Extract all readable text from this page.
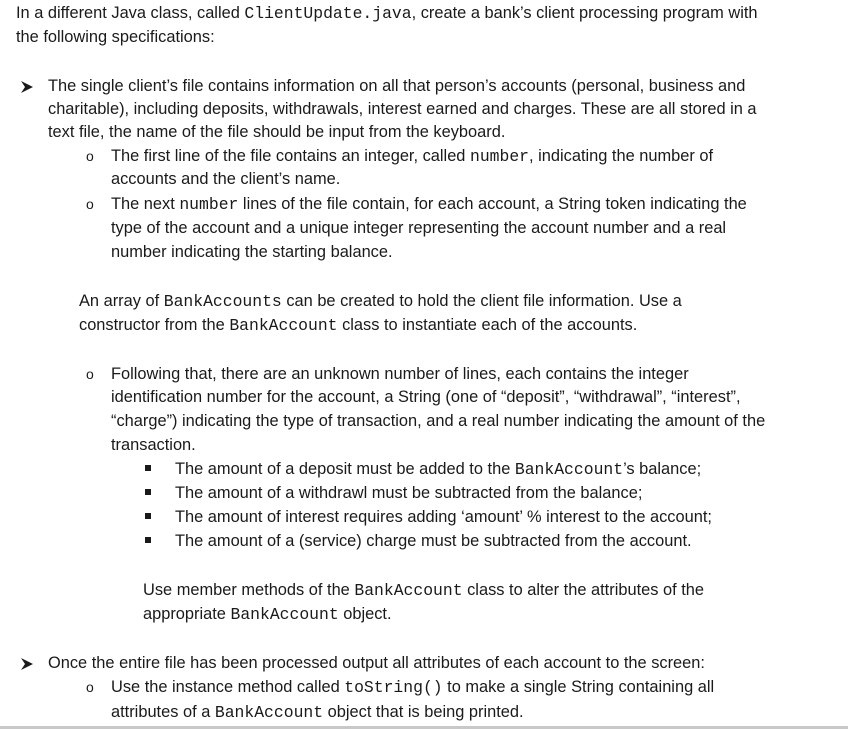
In a different Java class, called ClientUpdate.java, create a bank’s client processing program with
the following specifications:
The single client’s file contains information on all that person’s accounts (personal, business and
charitable), including deposits, withdrawals, interest earned and charges. These are all stored in a
text file, the name of the file should be input from the keyboard.
o The first line of the file contains an integer, called number, indicating the number of
accounts and the client’s name.
o The next number lines of the file contain, for each account, a String token indicating the
type of the account and a unique integer representing the account number and a real
number indicating the starting balance.
An array of BankAccounts can be created to hold the client file information. Use a
constructor from the BankAccount class to instantiate each of the accounts.
o Following that, there are an unknown number of lines, each contains the integer
identification number for the account, a String (one of “deposit”, “withdrawal”, “interest”,
“charge”) indicating the type of transaction, and a real number indicating the amount of the
transaction.
The amount of a deposit must be added to the BankAccount’s balance;
The amount of a withdrawl must be subtracted from the balance;
The amount of interest requires adding ‘amount’ % interest to the account;
The amount of a (service) charge must be subtracted from the account.
Use member methods of the BankAccount class to alter the attributes of the
appropriate BankAccount object.
Once the entire file has been processed output all attributes of each account to the screen:
o Use the instance method called toString() to make a single String containing all
attributes of a BankAccount object that is being printed.
